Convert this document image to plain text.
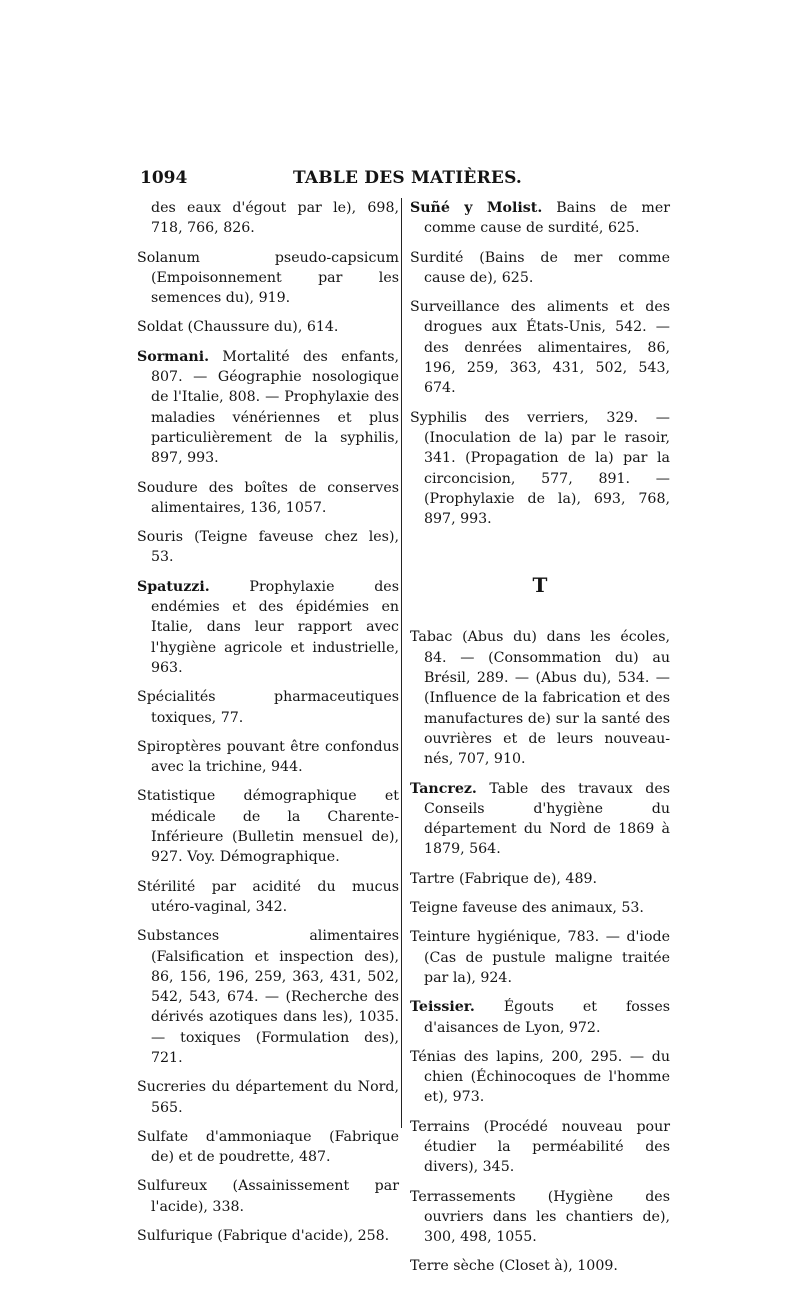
1094	TABLE DES MATIÈRES.

des eaux d'égout par le), 698, 718, 766, 826.

Solanum pseudo-capsicum (Empoisonnement par les semences du), 919.

Soldat (Chaussure du), 614.

Sormani. Mortalité des enfants, 807. — Géographie nosologique de l'Italie, 808. — Prophylaxie des maladies vénériennes et plus particulièrement de la syphilis, 897, 993.

Soudure des boîtes de conserves alimentaires, 136, 1057.

Souris (Teigne faveuse chez les), 53.

Spatuzzi. Prophylaxie des endémies et des épidémies en Italie, dans leur rapport avec l'hygiène agricole et industrielle, 963.

Spécialités pharmaceutiques toxiques, 77.

Spiroptères pouvant être confondus avec la trichine, 944.

Statistique démographique et médicale de la Charente-Inférieure (Bulletin mensuel de), 927. Voy. Démographique.

Stérilité par acidité du mucus utéro-vaginal, 342.

Substances alimentaires (Falsification et inspection des), 86, 156, 196, 259, 363, 431, 502, 542, 543, 674. — (Recherche des dérivés azotiques dans les), 1035. — toxiques (Formulation des), 721.

Sucreries du département du Nord, 565.

Sulfate d'ammoniaque (Fabrique de) et de poudrette, 487.

Sulfureux (Assainissement par l'acide), 338.

Sulfurique (Fabrique d'acide), 258.

Suñé y Molist. Bains de mer comme cause de surdité, 625.

Surdité (Bains de mer comme cause de), 625.

Surveillance des aliments et des drogues aux États-Unis, 542. — des denrées alimentaires, 86, 196, 259, 363, 431, 502, 543, 674.

Syphilis des verriers, 329. — (Inoculation de la) par le rasoir, 341. (Propagation de la) par la circoncision, 577, 891. — (Prophylaxie de la), 693, 768, 897, 993.

T

Tabac (Abus du) dans les écoles, 84. — (Consommation du) au Brésil, 289. — (Abus du), 534. — (Influence de la fabrication et des manufactures de) sur la santé des ouvrières et de leurs nouveau-nés, 707, 910.

Tancrez. Table des travaux des Conseils d'hygiène du département du Nord de 1869 à 1879, 564.

Tartre (Fabrique de), 489.

Teigne faveuse des animaux, 53.

Teinture hygiénique, 783. — d'iode (Cas de pustule maligne traitée par la), 924.

Teissier. Égouts et fosses d'aisances de Lyon, 972.

Ténias des lapins, 200, 295. — du chien (Échinocoques de l'homme et), 973.

Terrains (Procédé nouveau pour étudier la perméabilité des divers), 345.

Terrassements (Hygiène des ouvriers dans les chantiers de), 300, 498, 1055.

Terre sèche (Closet à), 1009.
